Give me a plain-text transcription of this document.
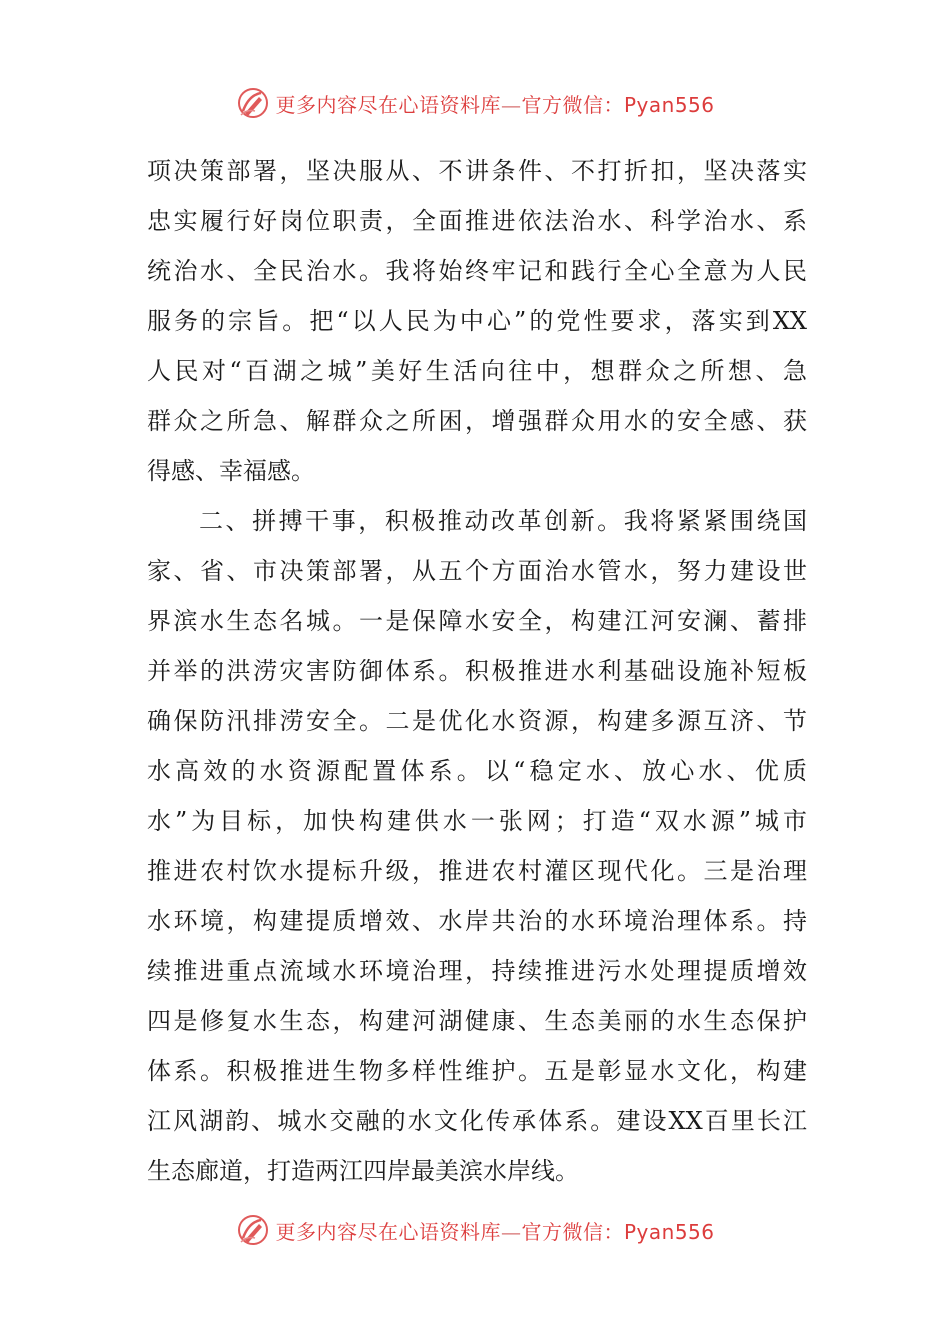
更多内容尽在心语资料库—官方微信：Pyan556
项决策部署，坚决服从、不讲条件、不打折扣，坚决落实
忠实履行好岗位职责，全面推进依法治水、科学治水、系
统治水、全民治水。我将始终牢记和践行全心全意为人民
服务的宗旨。把“以人民为中心”的党性要求，落实到XX
人民对“百湖之城”美好生活向往中，想群众之所想、急
群众之所急、解群众之所困，增强群众用水的安全感、获
得感、幸福感。
二、拼搏干事，积极推动改革创新。我将紧紧围绕国
家、省、市决策部署，从五个方面治水管水，努力建设世
界滨水生态名城。一是保障水安全，构建江河安澜、蓄排
并举的洪涝灾害防御体系。积极推进水利基础设施补短板
确保防汛排涝安全。二是优化水资源，构建多源互济、节
水高效的水资源配置体系。以“稳定水、放心水、优质
水”为目标，加快构建供水一张网；打造“双水源”城市
推进农村饮水提标升级，推进农村灌区现代化。三是治理
水环境，构建提质增效、水岸共治的水环境治理体系。持
续推进重点流域水环境治理，持续推进污水处理提质增效
四是修复水生态，构建河湖健康、生态美丽的水生态保护
体系。积极推进生物多样性维护。五是彰显水文化，构建
江风湖韵、城水交融的水文化传承体系。建设XX百里长江
生态廊道，打造两江四岸最美滨水岸线。
更多内容尽在心语资料库—官方微信：Pyan556
